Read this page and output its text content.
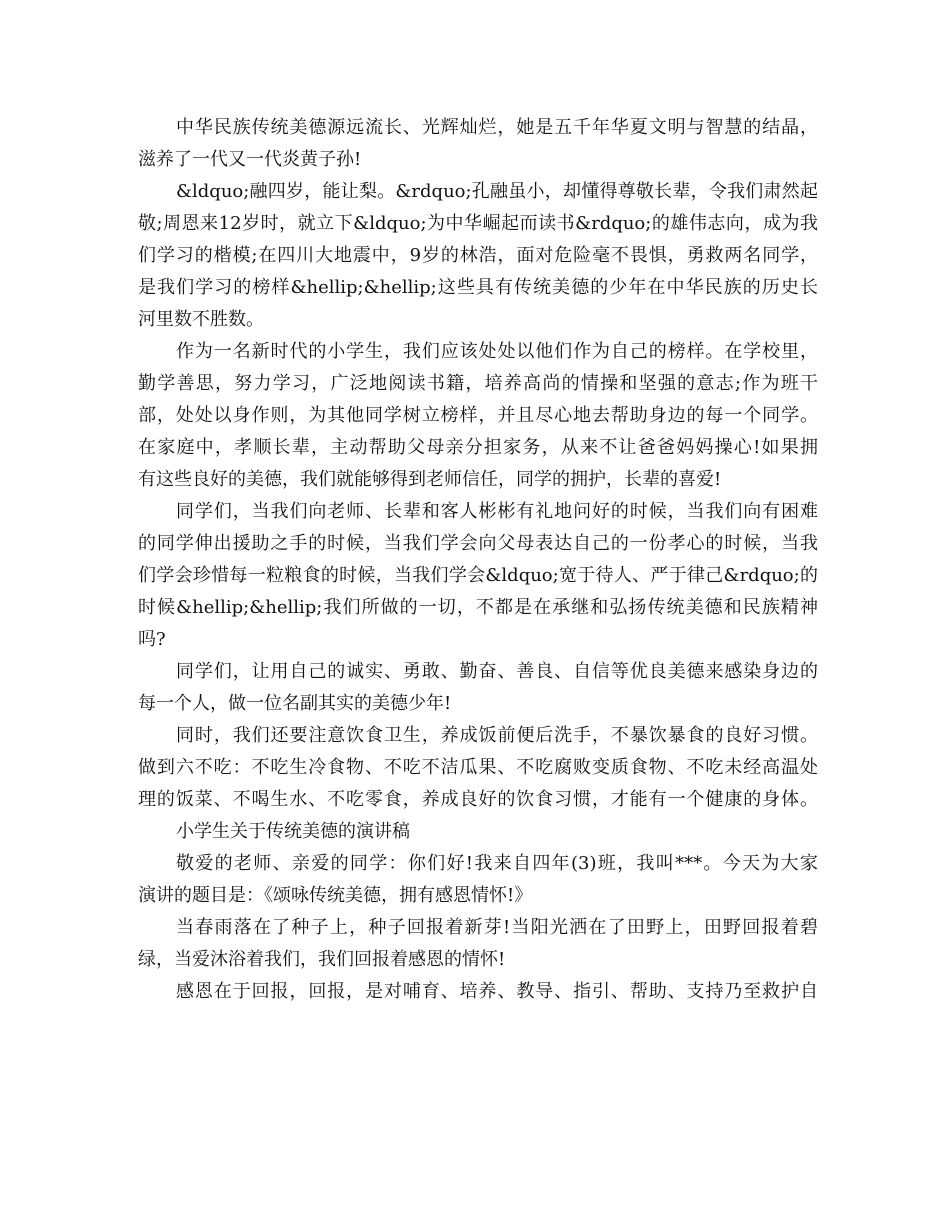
中华民族传统美德源远流长、光辉灿烂，她是五千年华夏文明与智慧的结晶，
滋养了一代又一代炎黄子孙!
&ldquo;融四岁，能让梨。&rdquo;孔融虽小，却懂得尊敬长辈，令我们肃然起
敬;周恩来12岁时，就立下&ldquo;为中华崛起而读书&rdquo;的雄伟志向，成为我
们学习的楷模;在四川大地震中，9岁的林浩，面对危险毫不畏惧，勇救两名同学，
是我们学习的榜样&hellip;&hellip;这些具有传统美德的少年在中华民族的历史长
河里数不胜数。
作为一名新时代的小学生，我们应该处处以他们作为自己的榜样。在学校里，
勤学善思，努力学习，广泛地阅读书籍，培养高尚的情操和坚强的意志;作为班干
部，处处以身作则，为其他同学树立榜样，并且尽心地去帮助身边的每一个同学。
在家庭中，孝顺长辈，主动帮助父母亲分担家务，从来不让爸爸妈妈操心!如果拥
有这些良好的美德，我们就能够得到老师信任，同学的拥护，长辈的喜爱!
同学们，当我们向老师、长辈和客人彬彬有礼地问好的时候，当我们向有困难
的同学伸出援助之手的时候，当我们学会向父母表达自己的一份孝心的时候，当我
们学会珍惜每一粒粮食的时候，当我们学会&ldquo;宽于待人、严于律己&rdquo;的
时候&hellip;&hellip;我们所做的一切，不都是在承继和弘扬传统美德和民族精神
吗?
同学们，让用自己的诚实、勇敢、勤奋、善良、自信等优良美德来感染身边的
每一个人，做一位名副其实的美德少年!
同时，我们还要注意饮食卫生，养成饭前便后洗手，不暴饮暴食的良好习惯。
做到六不吃：不吃生冷食物、不吃不洁瓜果、不吃腐败变质食物、不吃未经高温处
理的饭菜、不喝生水、不吃零食，养成良好的饮食习惯，才能有一个健康的身体。
小学生关于传统美德的演讲稿
敬爱的老师、亲爱的同学：你们好!我来自四年(3)班，我叫***。今天为大家
演讲的题目是：《颂咏传统美德，拥有感恩情怀!》
当春雨落在了种子上，种子回报着新芽!当阳光洒在了田野上，田野回报着碧
绿，当爱沐浴着我们，我们回报着感恩的情怀!
感恩在于回报，回报，是对哺育、培养、教导、指引、帮助、支持乃至救护自
